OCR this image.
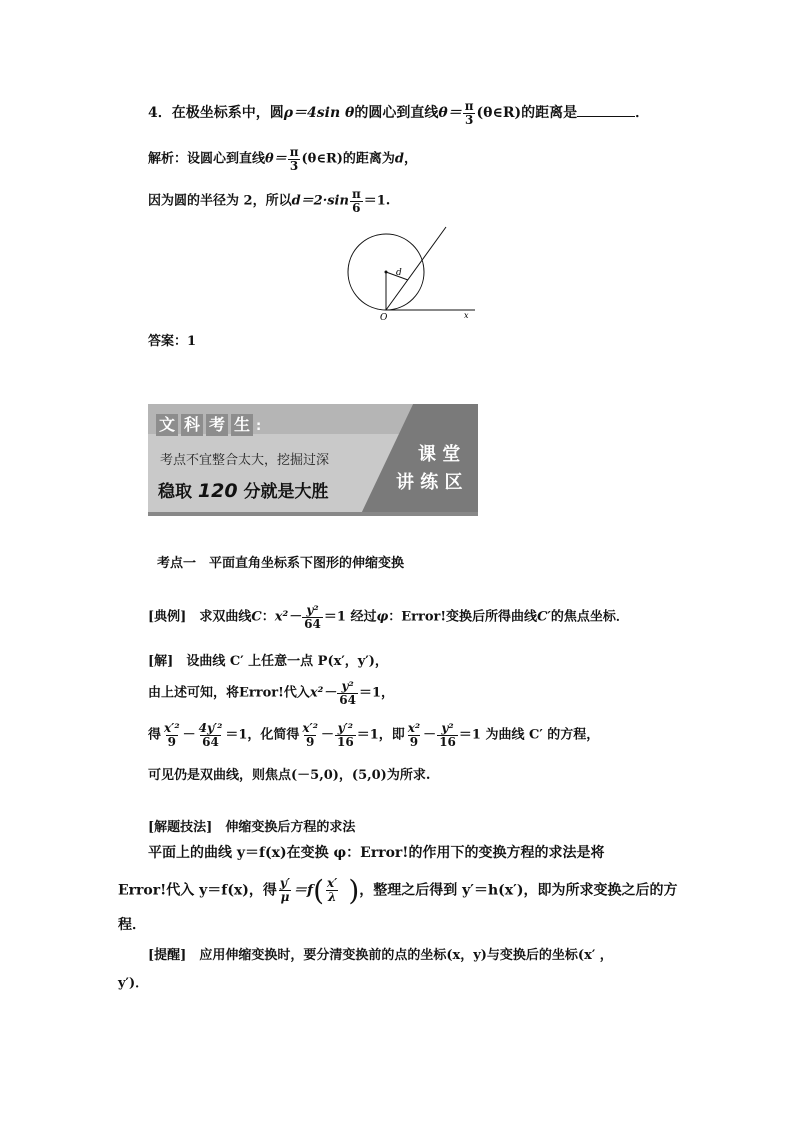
4．在极坐标系中，圆ρ＝4sin θ的圆心到直线$\theta= \frac{\pi}{3}$ (θ∈R)的距离是	．
解析：设圆心到直线$\theta= \frac{\pi}{3}$ (θ∈R)的距离为d，
因为圆的半径为 2，所以$d=2\cdot\sin \frac{\pi}{6} =1$.
d
O	x
答案：1
文 科 考 生 :
考点不宜整合太大，挖掘过深
稳取 120 分就是大胜
课 堂
讲 练 区
考点一　平面直角坐标系下图形的伸缩变换
[典例]　 求双曲线C：$x^2- \frac{\text{y²}}{64} =1$ 经过φ：Error!变换后所得曲线C′的焦点坐标．
[解]　 设曲线 C′ 上任意一点 P(x′，y′)，
由上述可知，将Error!代入$x^2- \frac{\text{y²}}{64} =1$，
得 $\frac{\text{x′²}}{9} - \frac{\text{4y′²}}{64} =1$，化简得 $\frac{\text{x′²}}{9} - \frac{\text{y′²}}{16} =1$，即 $\frac{\text{x²}}{9} - \frac{\text{y²}}{16} =1$ 为曲线 C′ 的方程，
可见仍是双曲线，则焦点(－5,0)，(5,0)为所求.
[解题技法]　 伸缩变换后方程的求法
平面上的曲线 y＝f(x)在变换 φ：Error!的作用下的变换方程的求法是将
Error!代入 y＝f(x)，得 $\frac{y'}{\mu} =f( \frac{x'}{\lambda}$ )，整理之后得到 y′＝h(x′)，即为所求变换之后的方
程．
[提醒]　 应用伸缩变换时，要分清变换前的点的坐标(x，y)与变换后的坐标(x′ ，
y′)．
